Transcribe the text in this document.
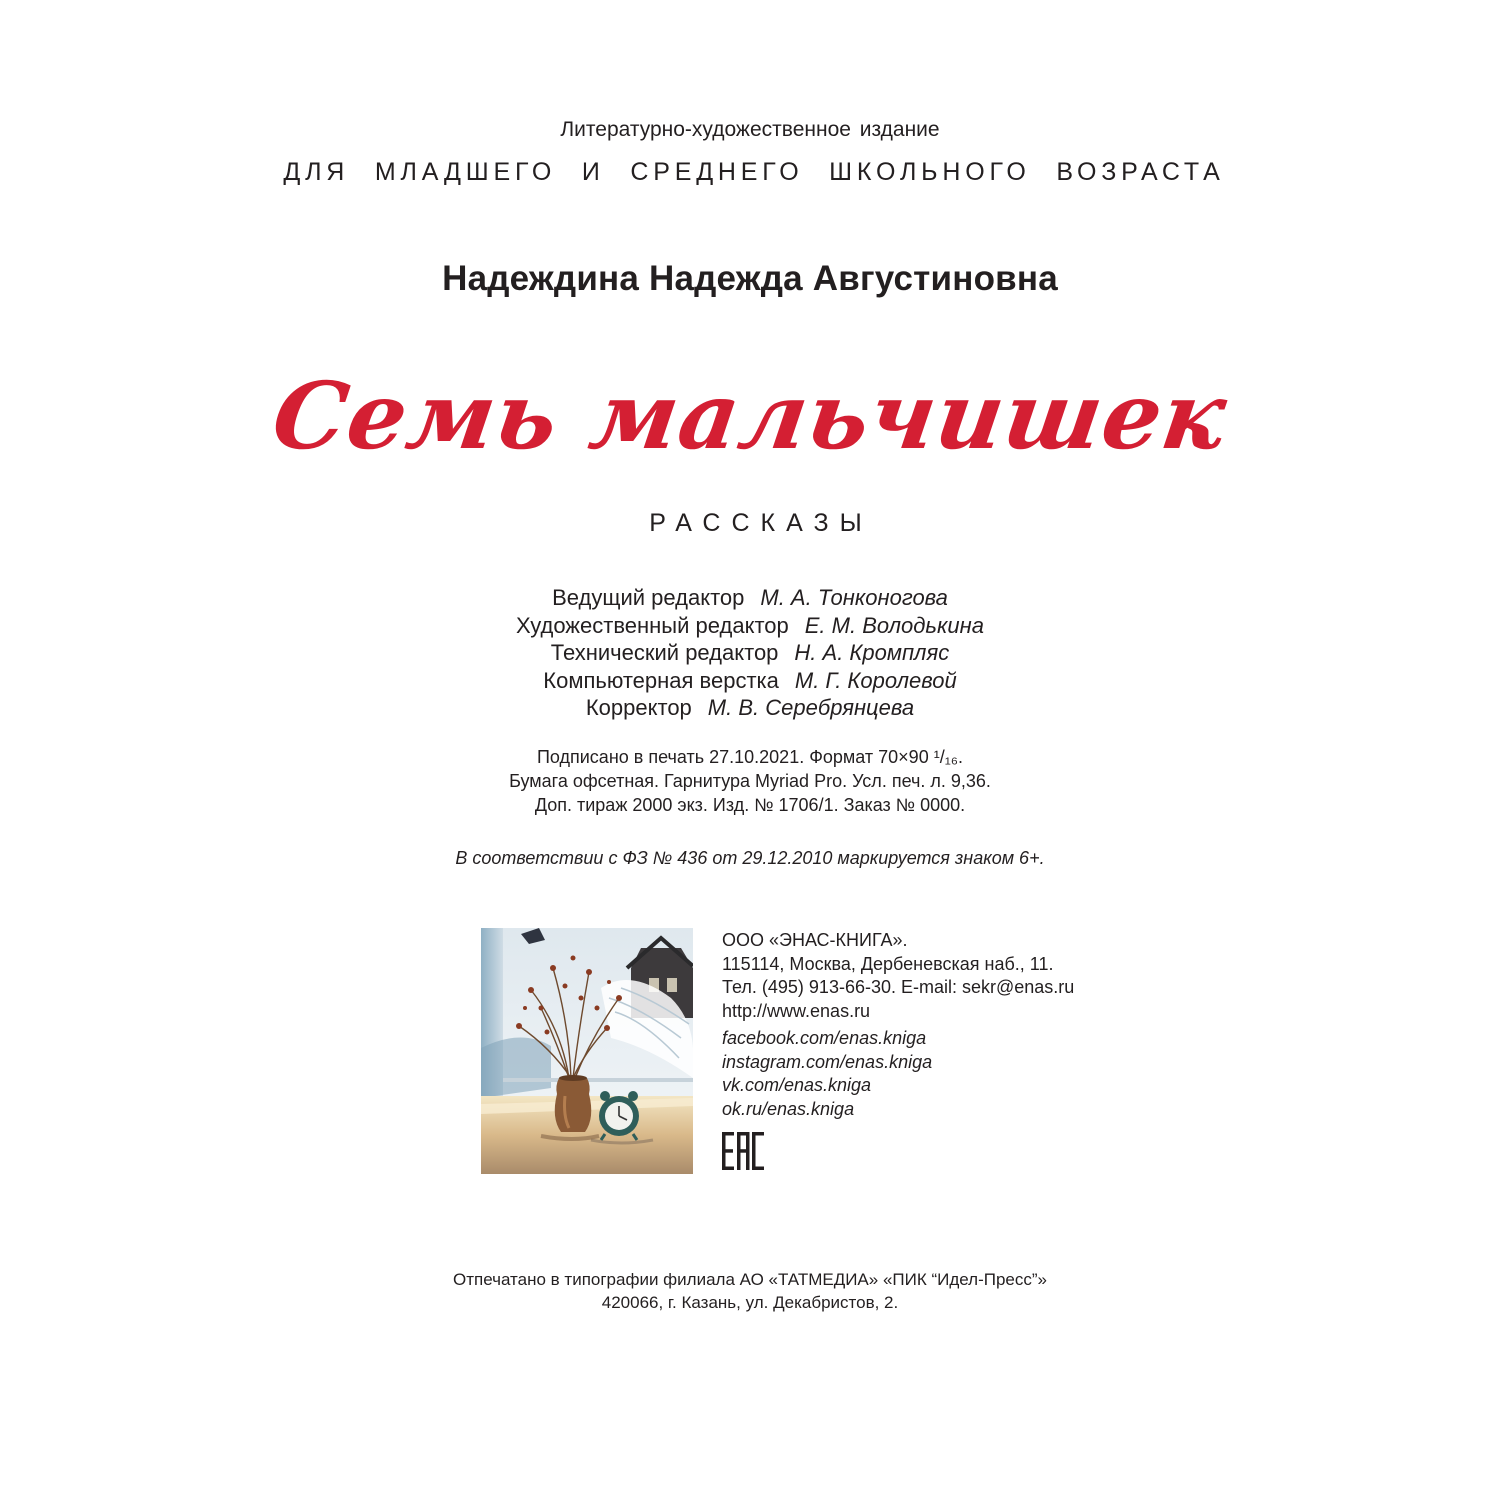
Литературно-художественное издание
ДЛЯ МЛАДШЕГО И СРЕДНЕГО ШКОЛЬНОГО ВОЗРАСТА
Надеждина Надежда Августиновна
Семь мальчишек
РАССКАЗЫ
Ведущий редактор М. А. Тонконогова
Художественный редактор Е. М. Володькина
Технический редактор Н. А. Кромпляс
Компьютерная верстка М. Г. Королевой
Корректор М. В. Серебрянцева
Подписано в печать 27.10.2021. Формат 70×90 ¹/₁₆.
Бумага офсетная. Гарнитура Myriad Pro. Усл. печ. л. 9,36.
Доп. тираж 2000 экз. Изд. № 1706/1. Заказ № 0000.
В соответствии с ФЗ № 436 от 29.12.2010 маркируется знаком 6+.
ООО «ЭНАС-КНИГА».
115114, Москва, Дербеневская наб., 11.
Тел. (495) 913-66-30. E-mail: sekr@enas.ru
http://www.enas.ru
facebook.com/enas.kniga
instagram.com/enas.kniga
vk.com/enas.kniga
ok.ru/enas.kniga
Отпечатано в типографии филиала АО «ТАТМЕДИА» «ПИК “Идел-Пресс”»
420066, г. Казань, ул. Декабристов, 2.
